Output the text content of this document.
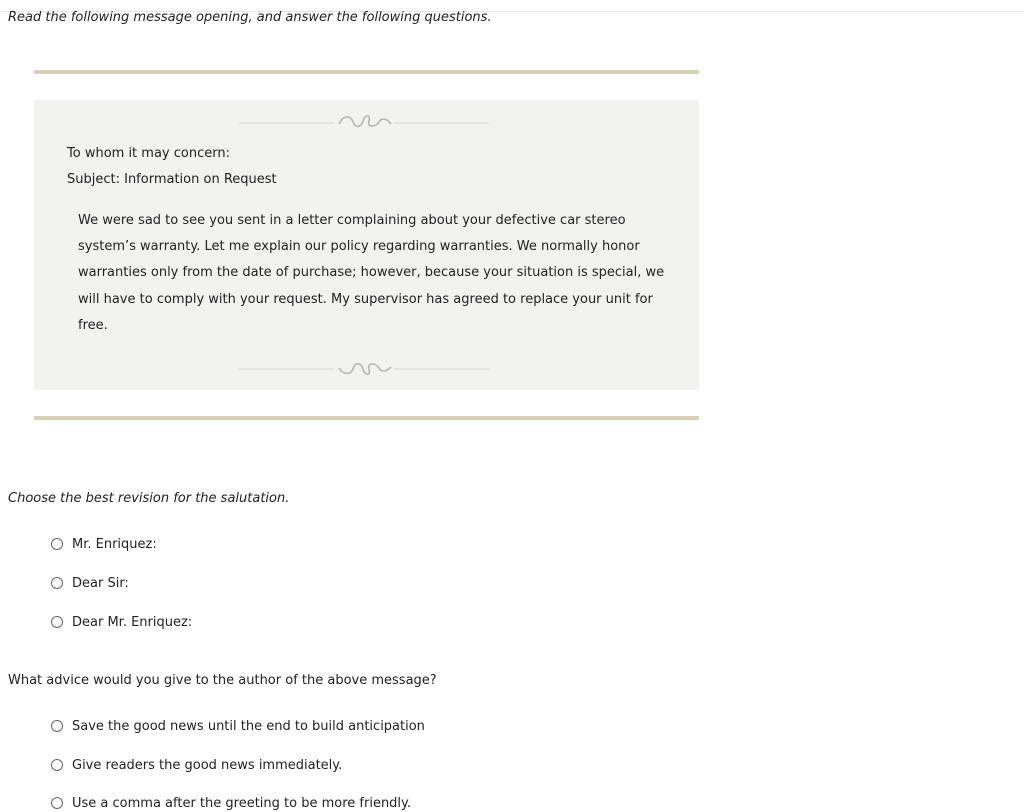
Read the following message opening, and answer the following questions.
To whom it may concern:
Subject: Information on Request
We were sad to see you sent in a letter complaining about your defective car stereo system’s warranty. Let me explain our policy regarding warranties. We normally honor warranties only from the date of purchase; however, because your situation is special, we will have to comply with your request. My supervisor has agreed to replace your unit for free.
Choose the best revision for the salutation.
Mr. Enriquez:
Dear Sir:
Dear Mr. Enriquez:
What advice would you give to the author of the above message?
Save the good news until the end to build anticipation
Give readers the good news immediately.
Use a comma after the greeting to be more friendly.
